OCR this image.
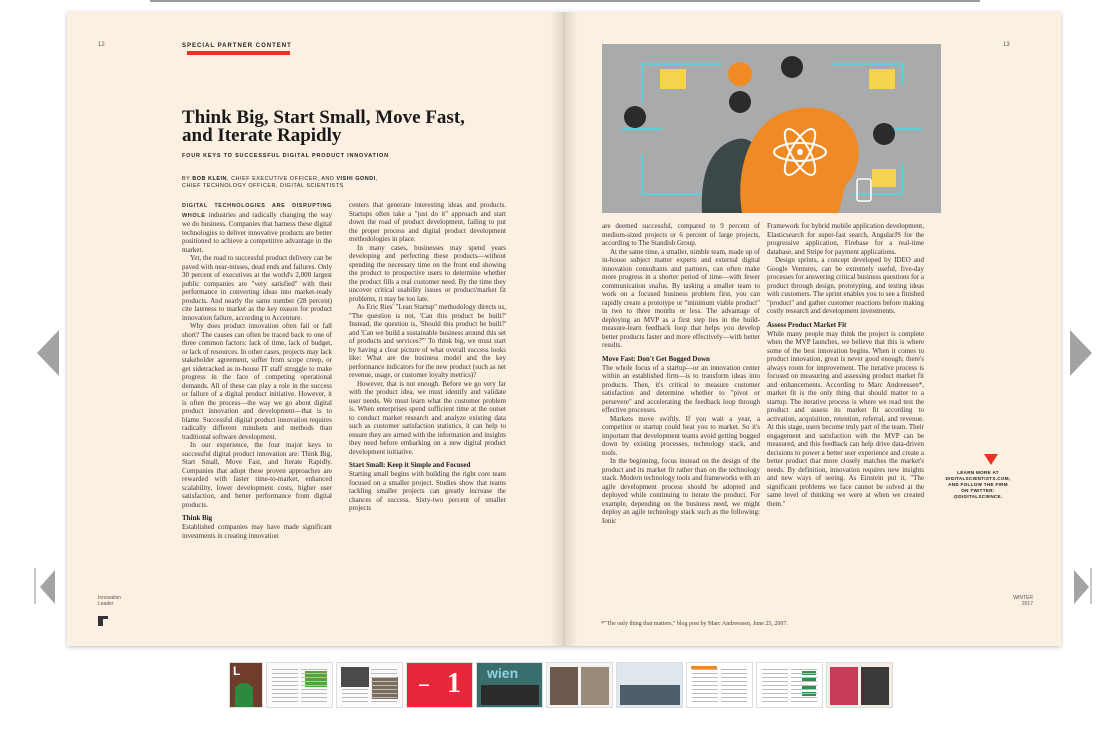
12	SPECIAL PARTNER CONTENT
Think Big, Start Small, Move Fast, and Iterate Rapidly
FOUR KEYS TO SUCCESSFUL DIGITAL PRODUCT INNOVATION
BY BOB KLEIN, CHIEF EXECUTIVE OFFICER, AND VISHI GONDI,
CHIEF TECHNOLOGY OFFICER, DIGITAL SCIENTISTS

DIGITAL TECHNOLOGIES ARE DISRUPTING WHOLE industries and radically changing the way we do business. Companies that harness these digital technologies to deliver innovative products are better positioned to achieve a competitive advantage in the market.

Yet, the road to successful product delivery can be paved with near-misses, dead ends and failures. Only 30 percent of executives at the world's 2,000 largest public companies are "very satisfied" with their performance in converting ideas into market-ready products. And nearly the same number (28 percent) cite lateness to market as the key reason for product innovation failure, according to Accenture.

Why does product innovation often fail or fall short? The causes can often be traced back to one of three common factors: lack of time, lack of budget, or lack of resources. In other cases, projects may lack stakeholder agreement, suffer from scope creep, or get sidetracked as in-house IT staff struggle to make progress in the face of competing operational demands. All of these can play a role in the success or failure of a digital product initiative. However, it is often the process—the way we go about digital product innovation and development—that is to blame. Successful digital product innovation requires radically different mindsets and methods than traditional software development.

In our experience, the four major keys to successful digital product innovation are: Think Big, Start Small, Move Fast, and Iterate Rapidly. Companies that adopt these proven approaches are rewarded with faster time-to-market, enhanced scalability, lower development costs, higher user satisfaction, and better performance from digital products.

Think Big

Established companies may have made significant investments in creating innovation

centers that generate interesting ideas and products. Startups often take a "just do it" approach and start down the road of product development, failing to put the proper process and digital product development methodologies in place.

In many cases, businesses may spend years developing and perfecting these products—without spending the necessary time on the front end showing the product to prospective users to determine whether the product fills a real customer need. By the time they uncover critical usability issues or product/market fit problems, it may be too late.

As Eric Ries' "Lean Startup" methodology directs us, "The question is not, 'Can this product be built?' Instead, the question is, 'Should this product be built?' and 'Can we build a sustainable business around this set of products and services?'" To think big, we must start by having a clear picture of what overall success looks like: What are the business model and the key performance indicators for the new product (such as net revenue, usage, or customer loyalty metrics)?

However, that is not enough. Before we go very far with the product idea, we must identify and validate user needs. We must learn what the customer problem is. When enterprises spend sufficient time at the outset to conduct market research and analyze existing data such as customer satisfaction statistics, it can help to ensure they are armed with the information and insights they need before embarking on a new digital product development initiative.

Start Small: Keep it Simple and Focused

Starting small begins with building the right core team focused on a smaller project. Studies show that teams tackling smaller projects can greatly increase the chances of success. Sixty-two percent of smaller projects

Innovation
Leader
13

are deemed successful, compared to 9 percent of medium-sized projects or 6 percent of large projects, according to The Standish Group.

At the same time, a smaller, nimble team, made up of in-house subject matter experts and external digital innovation consultants and partners, can often make more progress in a shorter period of time—with fewer communication snafus. By tasking a smaller team to work on a focused business problem first, you can rapidly create a prototype or "minimum viable product" in two to three months or less. The advantage of deploying an MVP as a first step lies in the build-measure-learn feedback loop that helps you develop better products faster and more effectively—with better results.

Move Fast: Don't Get Bogged Down

The whole focus of a startup—or an innovation center within an established firm—is to transform ideas into products. Then, it's critical to measure customer satisfaction and determine whether to "pivot or persevere" and accelerating the feedback loop through effective processes.

Markets move swiftly. If you wait a year, a competitor or startup could beat you to market. So it's important that development teams avoid getting bogged down by existing processes, technology stack, and tools.

In the beginning, focus instead on the design of the product and its market fit rather than on the technology stack. Modern technology tools and frameworks with an agile development process should be adopted and deployed while continuing to iterate the product. For example, depending on the business need, we might deploy an agile technology stack such as the following: Ionic

Framework for hybrid mobile application development, Elasticsearch for super-fast search, AngularJS for the progressive application, Firebase for a real-time database, and Stripe for payment applications.

Design sprints, a concept developed by IDEO and Google Ventures, can be extremely useful, five-day processes for answering critical business questions for a product through design, prototyping, and testing ideas with customers. The sprint enables you to see a finished "product" and gather customer reactions before making costly research and development investments.

Assess Product Market Fit

While many people may think the project is complete when the MVP launches, we believe that this is where some of the best innovation begins. When it comes to product innovation, great is never good enough; there's always room for improvement. The iterative process is focused on measuring and assessing product market fit and enhancements. According to Marc Andreessen*, market fit is the only thing that should matter to a startup. The iterative process is where we read test the product and assess its market fit according to activation, acquisition, retention, referral, and revenue. At this stage, users become truly part of the team. Their engagement and satisfaction with the MVP can be measured, and this feedback can help drive data-driven decisions to power a better user experience and create a better product that more closely matches the market's needs. By definition, innovation requires new insights and new ways of seeing. As Einstein put it, "The significant problems we face cannot be solved at the same level of thinking we were at when we created them."

LEARN MORE AT
DIGITALSCIENTISTS.COM,
AND FOLLOW THE FIRM
ON TWITTER:
@DIGITALSCIENCE.
*"The only thing that matters," blog post by Marc Andreessen, June 25, 2007.
WINTER
2017
L
▬▬ 1 wien
